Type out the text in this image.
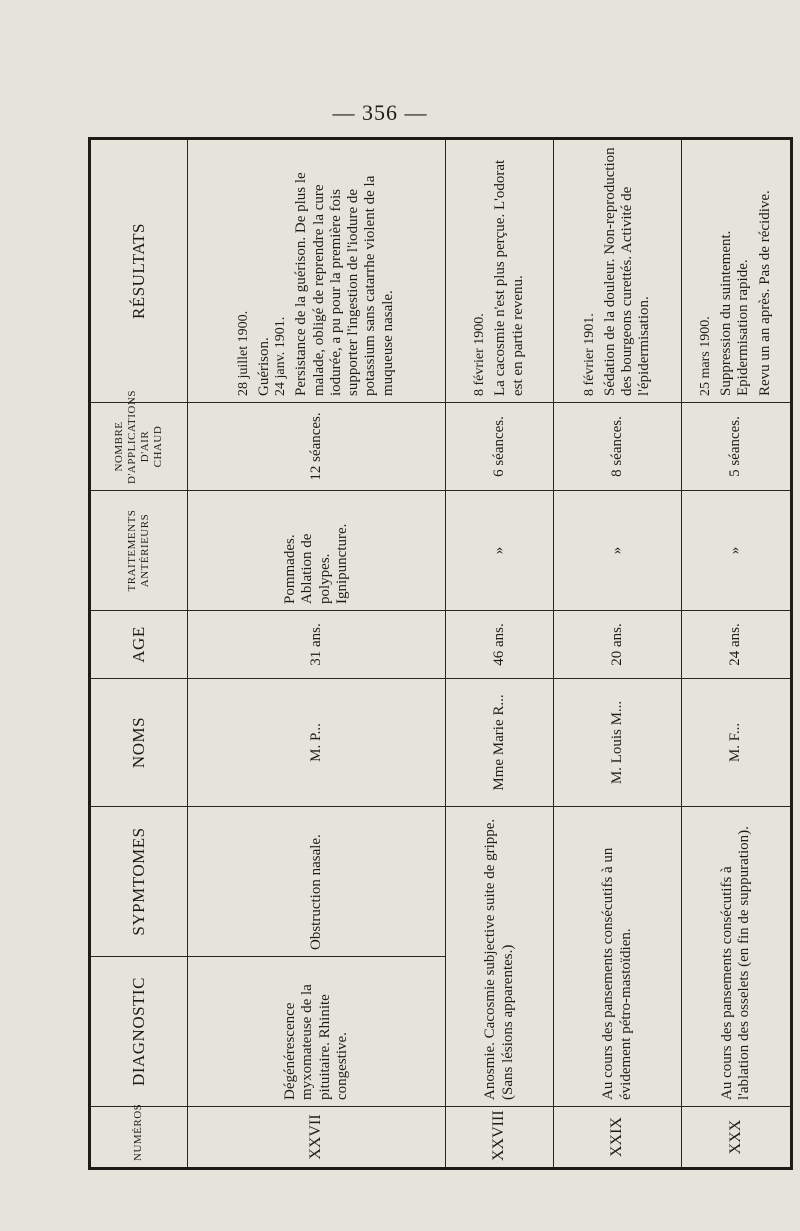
— 356 —
NUMÉROS	DIAGNOSTIC	SYPMTOMES	NOMS	AGE	TRAITEMENTS ANTÉRIEURS	NOMBRE D'APPLICATIONS D'AIR CHAUD	RÉSULTATS
XXVII	Dégénérescence myxomateuse de la pituitaire. Rhinite congestive.	Obstruction nasale.	M. P...	31 ans.	Pommades. Ablation de polypes. Ignipuncture.	12 séances.	28 juillet 1900. Guérison. 24 janv. 1901. Persistance de la guérison. De plus le malade, obligé de reprendre la cure iodurée, a pu pour la première fois supporter l'ingestion de l'iodure de potassium sans catarrhe violent de la muqueuse nasale.

XXVIII	Anosmie. Cacosmie subjective suite de grippe. (Sans lésions apparentes.)		Mme Marie R...	46 ans.	»	6 séances.	8 février 1900. La cacosmie n'est plus perçue. L'odorat est en partie revenu.

XXIX	Au cours des pansements consécutifs à un évidement pétro-mastoïdien.		M. Louis M...	20 ans.	»	8 séances.	8 février 1901. Sédation de la douleur. Non-reproduction des bourgeons curettés. Activité de l'épidermisation.

XXX	Au cours des pansements consécutifs à l'ablation des osselets (en fin de suppuration).		M. F...	24 ans.	»	5 séances.	25 mars 1900. Suppression du suintement. Epidermisation rapide. Revu un an après. Pas de récidive.
